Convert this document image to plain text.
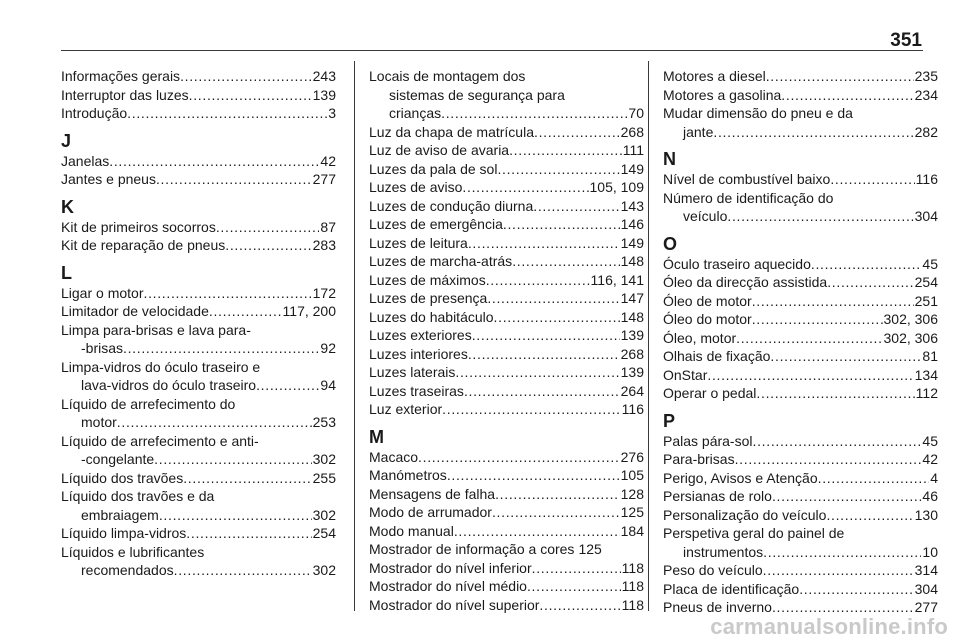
351
Informações gerais . . .	243
Interruptor das luzes . . .	139
Introdução . . .	3
J
Janelas . . .	42
Jantes e pneus . . .	277
K
Kit de primeiros socorros . . .	87
Kit de reparação de pneus . . .	283
L
Ligar o motor . . .	172
Limitador de velocidade . . .	117, 200
Limpa para-brisas e lava para-
-brisas . . .	92
Limpa-vidros do óculo traseiro e
lava-vidros do óculo traseiro . . .	94
Líquido de arrefecimento do
motor . . .	253
Líquido de arrefecimento e anti-
-congelante . . .	302
Líquido dos travões . . .	255
Líquido dos travões e da
embraiagem . . .	302
Líquido limpa-vidros . . .	254
Líquidos e lubrificantes
recomendados . . .	302
Locais de montagem dos
sistemas de segurança para
crianças . . .	70
Luz da chapa de matrícula . . .	268
Luz de aviso de avaria . . .	111
Luzes da pala de sol . . .	149
Luzes de aviso . . .	105, 109
Luzes de condução diurna . . .	143
Luzes de emergência . . .	146
Luzes de leitura . . .	149
Luzes de marcha-atrás . . .	148
Luzes de máximos . . .	116, 141
Luzes de presença . . .	147
Luzes do habitáculo . . .	148
Luzes exteriores . . .	139
Luzes interiores . . .	268
Luzes laterais . . .	139
Luzes traseiras . . .	264
Luz exterior . . .	116
M
Macaco . . .	276
Manómetros . . .	105
Mensagens de falha . . .	128
Modo de arrumador . . .	125
Modo manual . . .	184
Mostrador de informação a cores 125
Mostrador do nível inferior . . .	118
Mostrador do nível médio . . .	118
Mostrador do nível superior . . .	118
Motores a diesel . . .	235
Motores a gasolina . . .	234
Mudar dimensão do pneu e da
jante . . .	282
N
Nível de combustível baixo . . .	116
Número de identificação do
veículo . . .	304
O
Óculo traseiro aquecido . . .	45
Óleo da direcção assistida . . .	254
Óleo de motor . . .	251
Óleo do motor . . .	302, 306
Óleo, motor . . .	302, 306
Olhais de fixação . . .	81
OnStar . . .	134
Operar o pedal . . .	112
P
Palas pára-sol . . .	45
Para-brisas . . .	42
Perigo, Avisos e Atenção . . .	4
Persianas de rolo . . .	46
Personalização do veículo . . .	130
Perspetiva geral do painel de
instrumentos . . .	10
Peso do veículo . . .	314
Placa de identificação . . .	304
Pneus de inverno . . .	277
carmanualsonline.info
